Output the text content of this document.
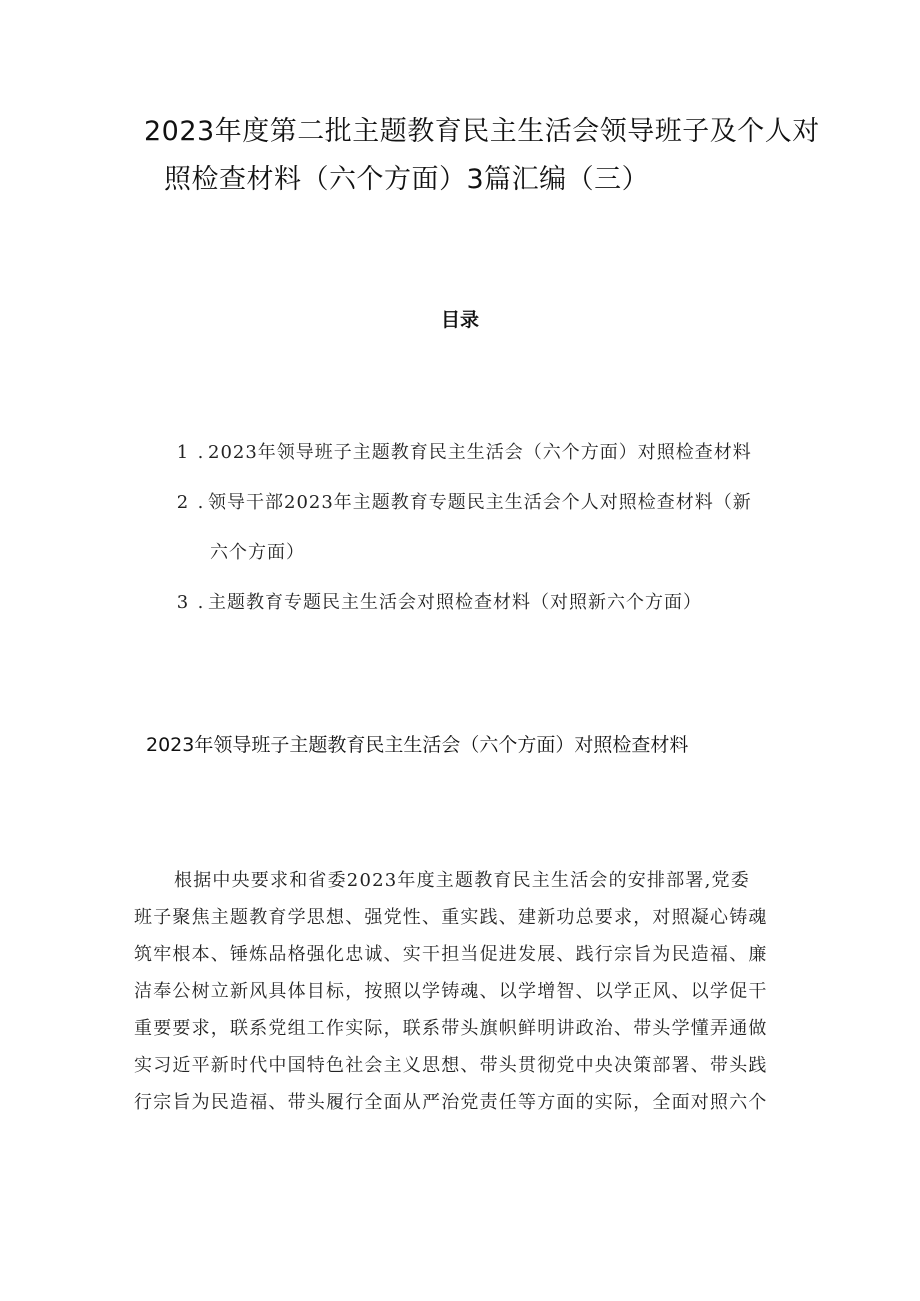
2023年度第二批主题教育民主生活会领导班子及个人对
照检查材料（六个方面）3篇汇编（三）
目录
1 . 2023年领导班子主题教育民主生活会（六个方面）对照检查材料
2 . 领导干部2023年主题教育专题民主生活会个人对照检查材料（新
六个方面）
3 . 主题教育专题民主生活会对照检查材料（对照新六个方面）
2023年领导班子主题教育民主生活会（六个方面）对照检查材料
根据中央要求和省委2023年度主题教育民主生活会的安排部署,党委
班子聚焦主题教育学思想、强党性、重实践、建新功总要求，对照凝心铸魂
筑牢根本、锤炼品格强化忠诚、实干担当促进发展、践行宗旨为民造福、廉
洁奉公树立新风具体目标，按照以学铸魂、以学增智、以学正风、以学促干
重要要求，联系党组工作实际，联系带头旗帜鲜明讲政治、带头学懂弄通做
实习近平新时代中国特色社会主义思想、带头贯彻党中央决策部署、带头践
行宗旨为民造福、带头履行全面从严治党责任等方面的实际，全面对照六个
